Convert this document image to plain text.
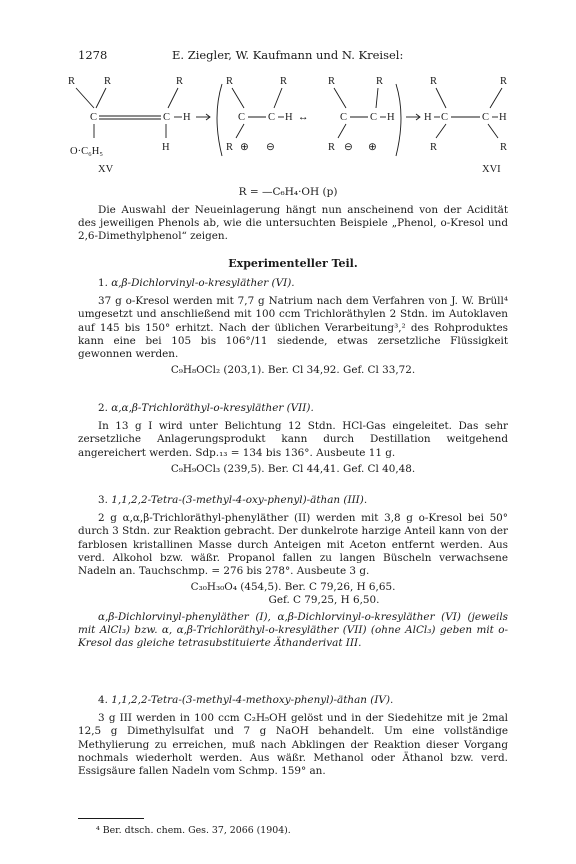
1278	E. Ziegler, W. Kaufmann und N. Kreisel:
R	R	R
C	C H
O·C₆H₅	H
XV
R	R
C C H
R ⊕ ⊖
↔
R	R
C C H
R ⊖ ⊕
R	R
H C	C H
R	R
XVI
R = —C₆H₄·OH (p)

Die Auswahl der Neueinlagerung hängt nun anscheinend von der Acidität des jeweiligen Phenols ab, wie die untersuchten Beispiele „Phenol, o-Kresol und 2,6-Dimethylphenol“ zeigen.

Experimenteller Teil.

1. α,β-Dichlorvinyl-o-kresyläther (VI).

37 g o-Kresol werden mit 7,7 g Natrium nach dem Verfahren von J. W. Brüll⁴ umgesetzt und anschließend mit 100 ccm Trichloräthylen 2 Stdn. im Autoklaven auf 145 bis 150° erhitzt. Nach der üblichen Verarbeitung³,² des Rohproduktes kann eine bei 105 bis 106°/11 siedende, etwas zersetzliche Flüssigkeit gewonnen werden.

C₉H₈OCl₂ (203,1). Ber. Cl 34,92. Gef. Cl 33,72.

2. α,α,β-Trichloräthyl-o-kresyläther (VII).

In 13 g I wird unter Belichtung 12 Stdn. HCl-Gas eingeleitet. Das sehr zersetzliche Anlagerungsprodukt kann durch Destillation weitgehend angereichert werden. Sdp.₁₃ = 134 bis 136°. Ausbeute 11 g.

C₉H₉OCl₃ (239,5). Ber. Cl 44,41. Gef. Cl 40,48.

3. 1,1,2,2-Tetra-(3-methyl-4-oxy-phenyl)-äthan (III).

2 g α,α,β-Trichloräthyl-phenyläther (II) werden mit 3,8 g o-Kresol bei 50° durch 3 Stdn. zur Reaktion gebracht. Der dunkelrote harzige Anteil kann von der farblosen kristallinen Masse durch Anteigen mit Aceton entfernt werden. Aus verd. Alkohol bzw. wäßr. Propanol fallen zu langen Büscheln verwachsene Nadeln an. Tauchschmp. = 276 bis 278°. Ausbeute 3 g.

C₃₀H₃₀O₄ (454,5). Ber. C 79,26, H 6,65.

Gef. C 79,25, H 6,50.

α,β-Dichlorvinyl-phenyläther (I), α,β-Dichlorvinyl-o-kresyläther (VI) (jeweils mit AlCl₃) bzw. α, α,β-Trichloräthyl-o-kresyläther (VII) (ohne AlCl₃) geben mit o-Kresol das gleiche tetrasubstituierte Äthanderivat III.

4. 1,1,2,2-Tetra-(3-methyl-4-methoxy-phenyl)-äthan (IV).

3 g III werden in 100 ccm C₂H₅OH gelöst und in der Siedehitze mit je 2mal 12,5 g Dimethylsulfat und 7 g NaOH behandelt. Um eine vollständige Methylierung zu erreichen, muß nach Abklingen der Reaktion dieser Vorgang nochmals wiederholt werden. Aus wäßr. Methanol oder Äthanol bzw. verd. Essigsäure fallen Nadeln vom Schmp. 159° an.

⁴ Ber. dtsch. chem. Ges. 37, 2066 (1904).
